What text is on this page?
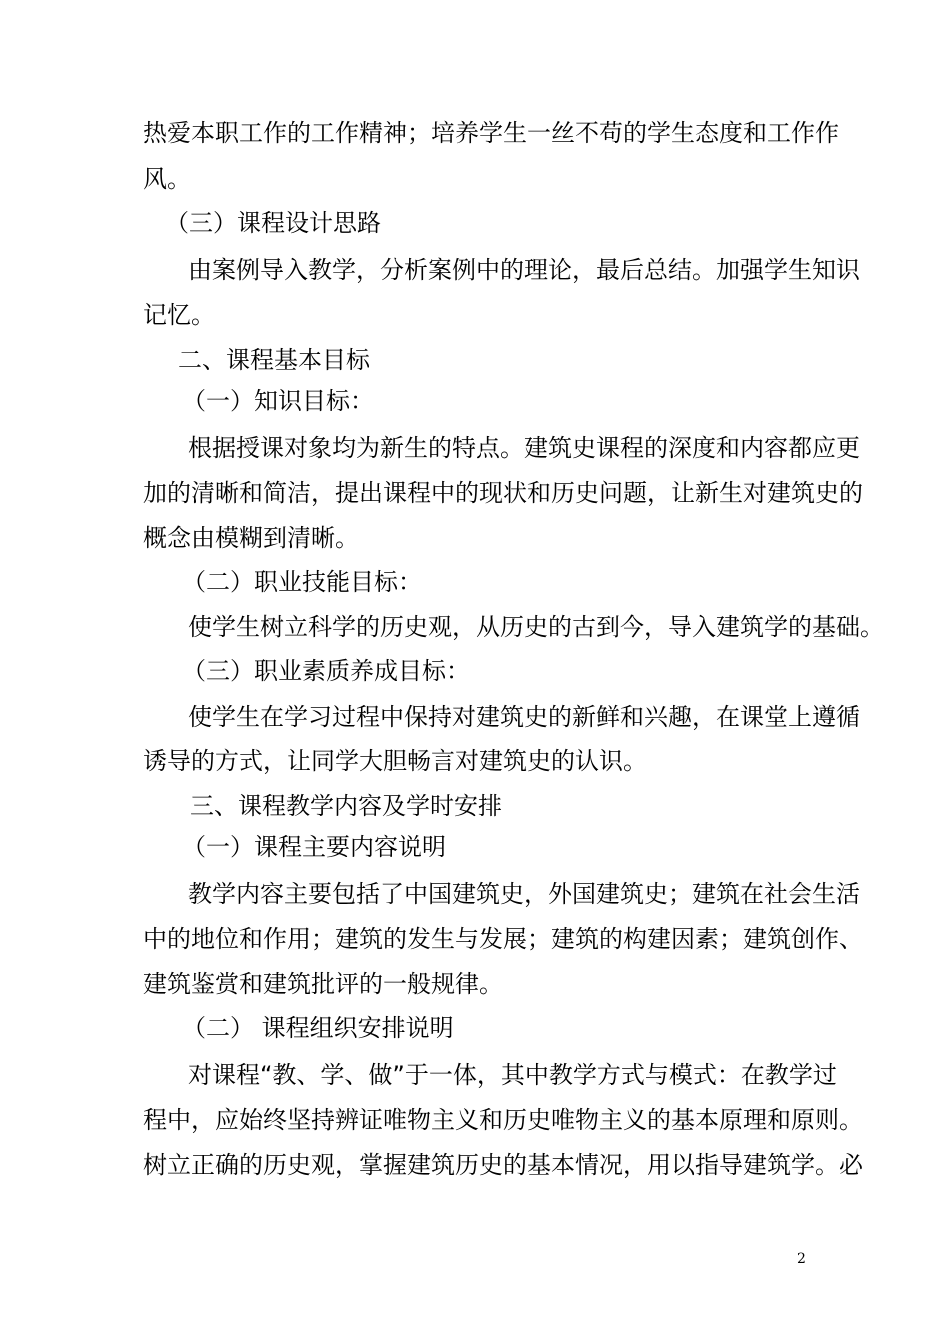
热爱本职工作的工作精神；培养学生一丝不苟的学生态度和工作作
风。
（三）课程设计思路
由案例导入教学，分析案例中的理论，最后总结。加强学生知识
记忆。
二、课程基本目标
（一）知识目标：
根据授课对象均为新生的特点。建筑史课程的深度和内容都应更
加的清晰和简洁，提出课程中的现状和历史问题，让新生对建筑史的
概念由模糊到清晰。
（二）职业技能目标：
使学生树立科学的历史观，从历史的古到今，导入建筑学的基础。
（三）职业素质养成目标：
使学生在学习过程中保持对建筑史的新鲜和兴趣，在课堂上遵循
诱导的方式，让同学大胆畅言对建筑史的认识。
三、课程教学内容及学时安排
（一）课程主要内容说明
教学内容主要包括了中国建筑史，外国建筑史；建筑在社会生活
中的地位和作用；建筑的发生与发展；建筑的构建因素；建筑创作、
建筑鉴赏和建筑批评的一般规律。
（二） 课程组织安排说明
对课程“教、学、做”于一体，其中教学方式与模式：在教学过
程中，应始终坚持辨证唯物主义和历史唯物主义的基本原理和原则。
树立正确的历史观，掌握建筑历史的基本情况，用以指导建筑学。必
2
